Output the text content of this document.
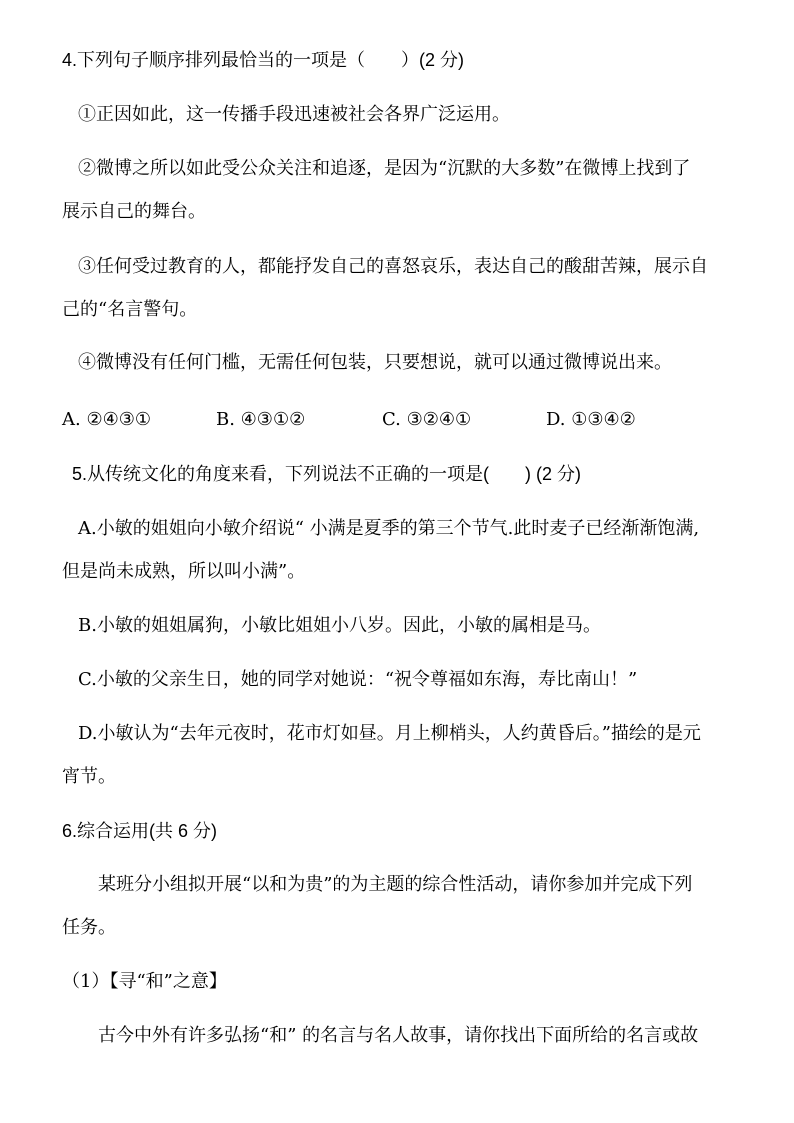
4.下列句子顺序排列最恰当的一项是（　　）(2 分)
①正因如此，这一传播手段迅速被社会各界广泛运用。
②微博之所以如此受公众关注和追逐，是因为“沉默的大多数”在微博上找到了
展示自己的舞台。
③任何受过教育的人，都能抒发自己的喜怒哀乐，表达自己的酸甜苦辣，展示自
己的“名言警句。
④微博没有任何门槛，无需任何包装，只要想说，就可以通过微博说出来。
A. ②④③①	B. ④③①②	C. ③②④①	D. ①③④②
5.从传统文化的角度来看，下列说法不正确的一项是(　　) (2 分)
A.小敏的姐姐向小敏介绍说“ 小满是夏季的第三个节气.此时麦子已经渐渐饱满,
但是尚未成熟，所以叫小满”。
B.小敏的姐姐属狗，小敏比姐姐小八岁。因此，小敏的属相是马。
C.小敏的父亲生日，她的同学对她说：“祝令尊福如东海，寿比南山！”
D.小敏认为“去年元夜时，花市灯如昼。月上柳梢头，人约黄昏后。”描绘的是元
宵节。
6.综合运用(共 6 分)
某班分小组拟开展“以和为贵”的为主题的综合性活动，请你参加并完成下列
任务。
（1）【寻“和”之意】
古今中外有许多弘扬“和” 的名言与名人故事，请你找出下面所给的名言或故
